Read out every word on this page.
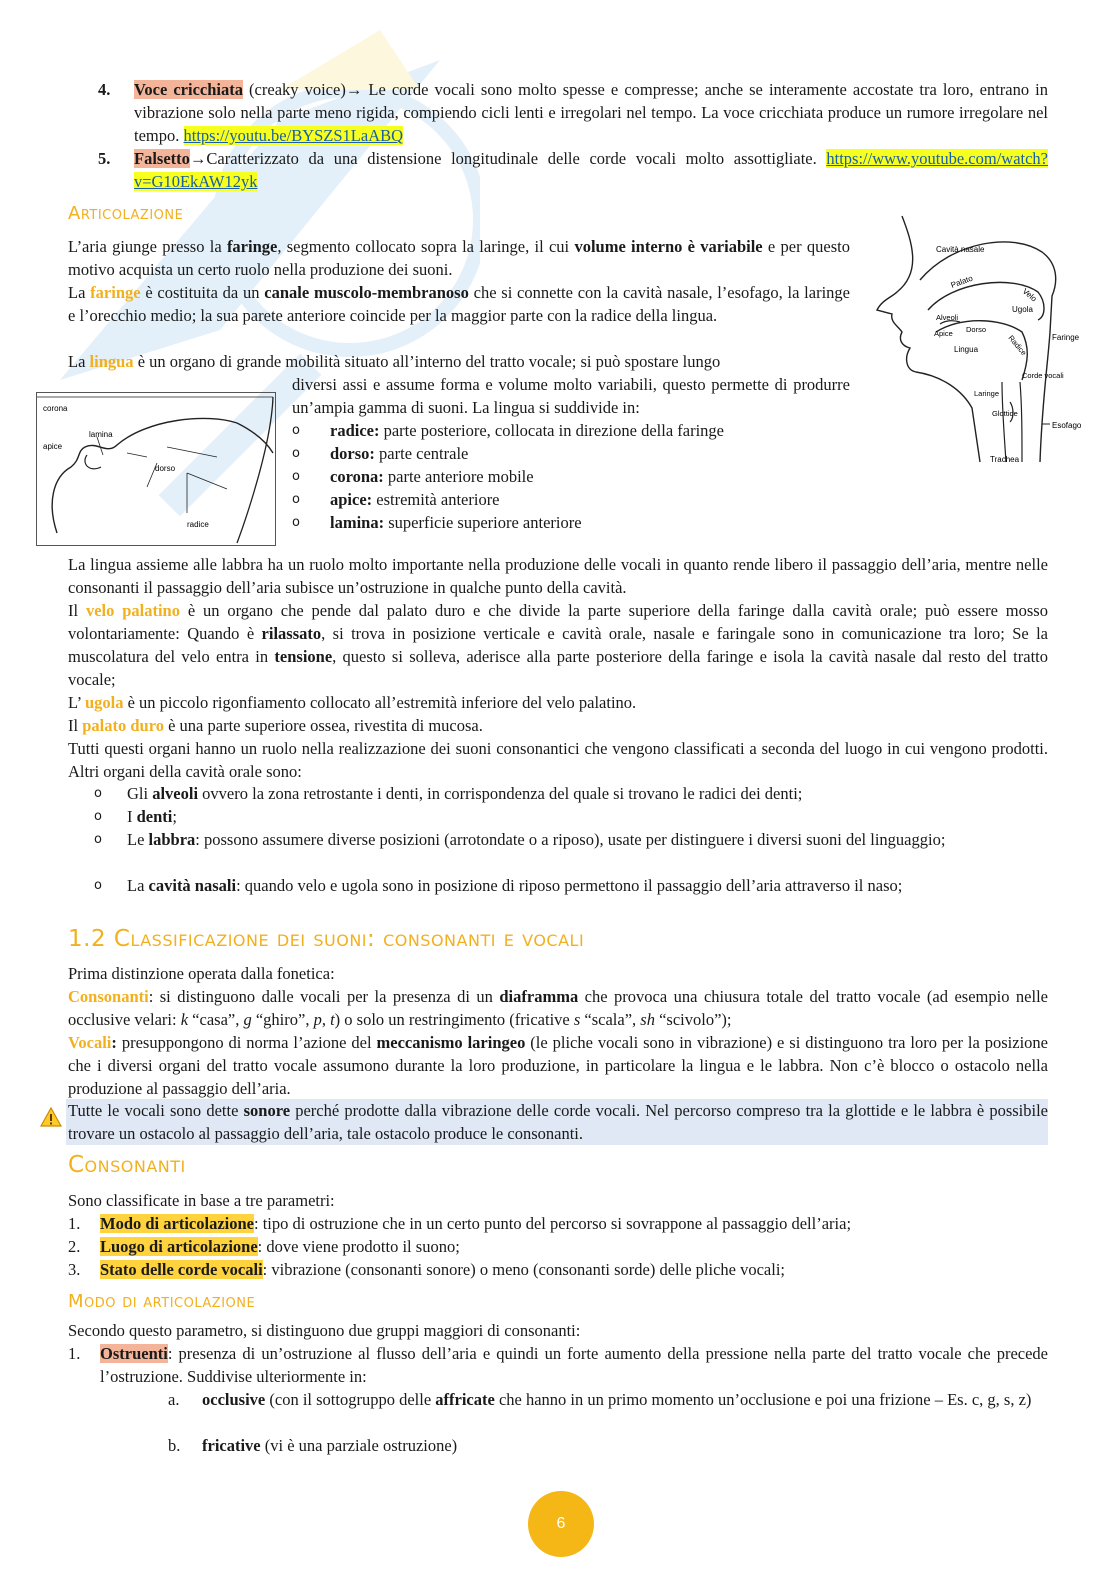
4.	Voce cricchiata (creaky voice)→ Le corde vocali sono molto spesse e compresse; anche se interamente accostate tra loro, entrano in vibrazione solo nella parte meno rigida, compiendo cicli lenti e irregolari nel tempo. La voce cricchiata produce un rumore irregolare nel tempo. https://youtu.be/BYSZS1LaABQ
5.	Falsetto→Caratterizzato da una distensione longitudinale delle corde vocali molto assottigliate. https://www.youtube.com/watch?v=G10EkAW12yk
Articolazione
L’aria giunge presso la faringe, segmento collocato sopra la laringe, il cui volume interno è variabile e per questo motivo acquista un certo ruolo nella produzione dei suoni.
La faringe è costituita da un canale muscolo-membranoso che si connette con la cavità nasale, l’esofago, la laringe e l’orecchio medio; la sua parete anteriore coincide per la maggior parte con la radice della lingua.
La lingua è un organo di grande mobilità situato all’interno del tratto vocale; si può spostare lungo
diversi assi e assume forma e volume molto variabili, questo permette di produrre un’ampia gamma di suoni. La lingua si suddivide in:
o radice: parte posteriore, collocata in direzione della faringe
o dorso: parte centrale
o corona: parte anteriore mobile
o apice: estremità anteriore
o lamina: superficie superiore anteriore
Cavità nasale
Palato
Velo
Ugola
Alveoli
Dorso
Apice
Radice	Faringe
Lingua
Laringe
Corde vocali
Glottide
Esofago
Trachea
corona
lamina
apice
dorso
radice
La lingua assieme alle labbra ha un ruolo molto importante nella produzione delle vocali in quanto rende libero il passaggio dell’aria, mentre nelle consonanti il passaggio dell’aria subisce un’ostruzione in qualche punto della cavità.
Il velo palatino è un organo che pende dal palato duro e che divide la parte superiore della faringe dalla cavità orale; può essere mosso volontariamente: Quando è rilassato, si trova in posizione verticale e cavità orale, nasale e faringale sono in comunicazione tra loro; Se la muscolatura del velo entra in tensione, questo si solleva, aderisce alla parte posteriore della faringe e isola la cavità nasale dal resto del tratto vocale;
L’ ugola è un piccolo rigonfiamento collocato all’estremità inferiore del velo palatino.
Il palato duro è una parte superiore ossea, rivestita di mucosa.
Tutti questi organi hanno un ruolo nella realizzazione dei suoni consonantici che vengono classificati a seconda del luogo in cui vengono prodotti. Altri organi della cavità orale sono:
o Gli alveoli ovvero la zona retrostante i denti, in corrispondenza del quale si trovano le radici dei denti;
o I denti;
o Le labbra: possono assumere diverse posizioni (arrotondate o a riposo), usate per distinguere i diversi suoni del linguaggio;
o La cavità nasali: quando velo e ugola sono in posizione di riposo permettono il passaggio dell’aria attraverso il naso;
1.2 Classificazione dei suoni: consonanti e vocali
Prima distinzione operata dalla fonetica:
Consonanti: si distinguono dalle vocali per la presenza di un diaframma che provoca una chiusura totale del tratto vocale (ad esempio nelle occlusive velari: k “casa”, g “ghiro”, p, t) o solo un restringimento (fricative s “scala”, sh “scivolo”);
Vocali: presuppongono di norma l’azione del meccanismo laringeo (le pliche vocali sono in vibrazione) e si distinguono tra loro per la posizione che i diversi organi del tratto vocale assumono durante la loro produzione, in particolare la lingua e le labbra. Non c’è blocco o ostacolo nella produzione al passaggio dell’aria.
Tutte le vocali sono dette sonore perché prodotte dalla vibrazione delle corde vocali. Nel percorso compreso tra la glottide e le labbra è possibile trovare un ostacolo al passaggio dell’aria, tale ostacolo produce le consonanti.
Consonanti
Sono classificate in base a tre parametri:
1. Modo di articolazione: tipo di ostruzione che in un certo punto del percorso si sovrappone al passaggio dell’aria;
2. Luogo di articolazione: dove viene prodotto il suono;
3. Stato delle corde vocali: vibrazione (consonanti sonore) o meno (consonanti sorde) delle pliche vocali;
Modo di articolazione
Secondo questo parametro, si distinguono due gruppi maggiori di consonanti:
1. Ostruenti: presenza di un’ostruzione al flusso dell’aria e quindi un forte aumento della pressione nella parte del tratto vocale che precede l’ostruzione. Suddivise ulteriormente in:
a. occlusive (con il sottogruppo delle affricate che hanno in un primo momento un’occlusione e poi una frizione – Es. c, g, s, z)
b. fricative (vi è una parziale ostruzione)
6
